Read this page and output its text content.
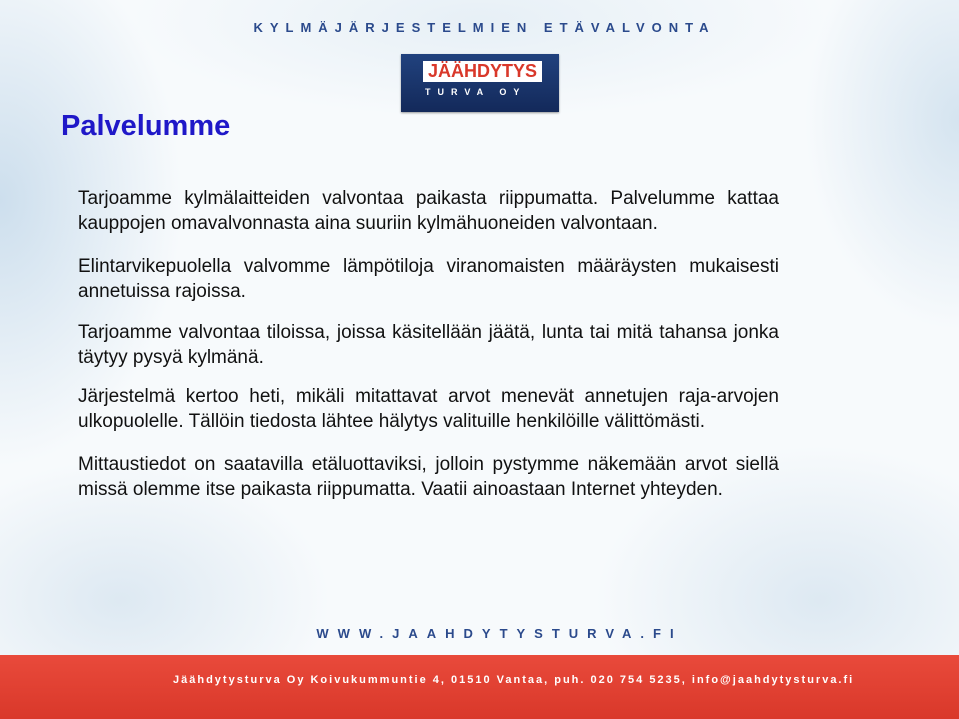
KYLMÄJÄRJESTELMIEN ETÄVALVONTA
JÄÄHDYTYS
TURVA OY
Palvelumme

Tarjoamme kylmälaitteiden valvontaa paikasta riippumatta. Palvelumme kattaa kauppojen omavalvonnasta aina suuriin kylmähuoneiden valvontaan.

Elintarvikepuolella valvomme lämpötiloja viranomaisten määräysten mukaisesti annetuissa rajoissa.

Tarjoamme valvontaa tiloissa, joissa käsitellään jäätä, lunta tai mitä tahansa jonka täytyy pysyä kylmänä.

Järjestelmä kertoo heti, mikäli mitattavat arvot menevät annetujen raja-arvojen ulkopuolelle. Tällöin tiedosta lähtee hälytys valituille henkilöille välittömästi.

Mittaustiedot on saatavilla etäluottaviksi, jolloin pystymme näkemään arvot siellä missä olemme itse paikasta riippumatta. Vaatii ainoastaan Internet yhteyden.

WWW.JAAHDYTYSTURVA.FI
Jäähdytysturva Oy Koivukummuntie 4, 01510 Vantaa, puh. 020 754 5235, info@jaahdytysturva.fi
